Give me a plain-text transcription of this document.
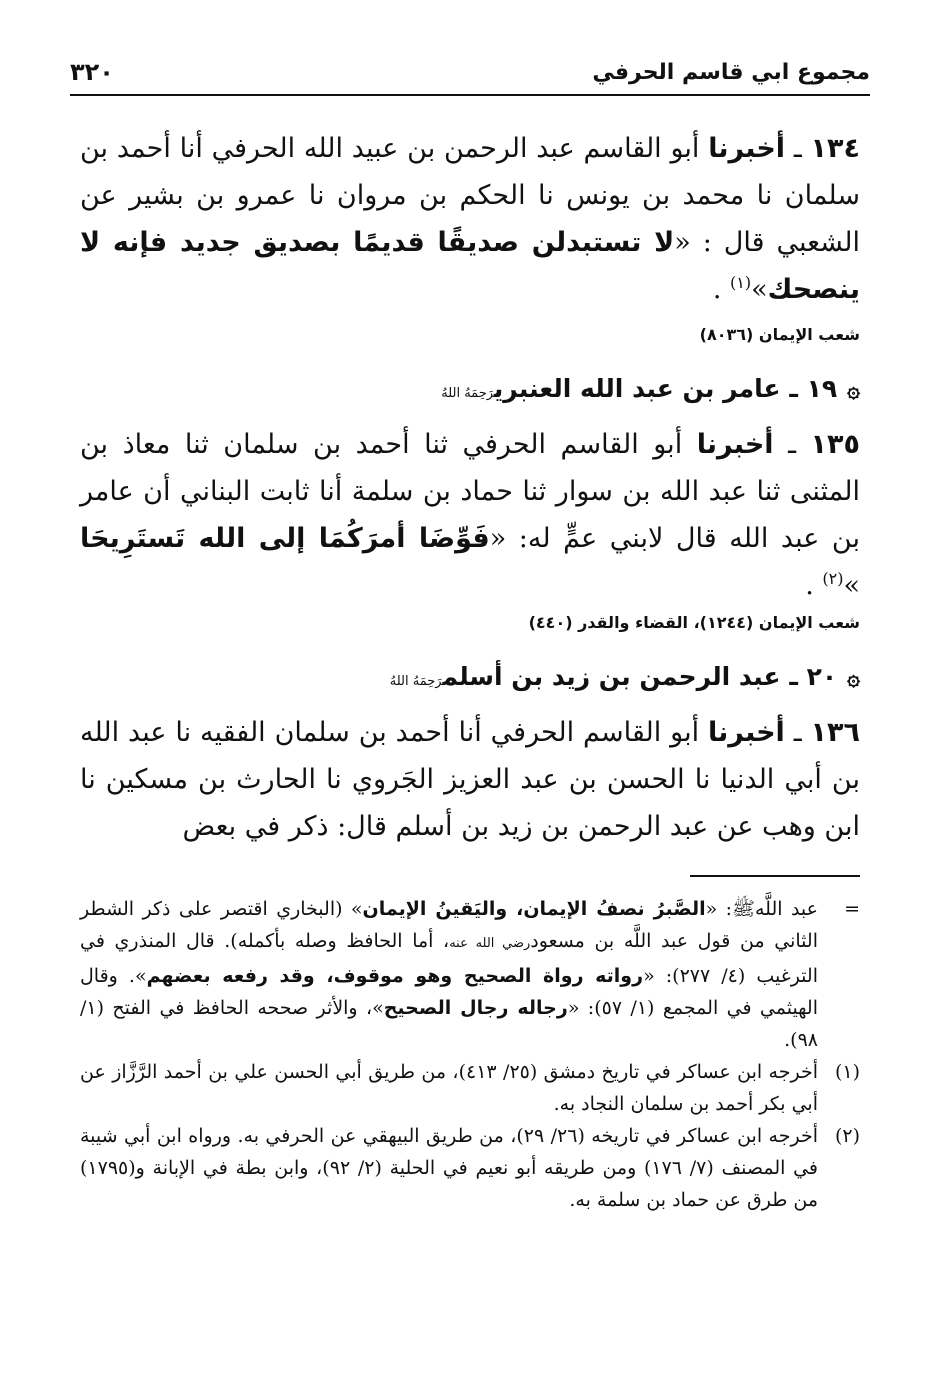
مجموع ابي قاسم الحرفي
٣٢٠

١٣٤ ـ أخبرنا أبو القاسم عبد الرحمن بن عبيد الله الحرفي أنا أحمد بن سلمان نا محمد بن يونس نا الحكم بن مروان نا عمرو بن بشير عن الشعبي قال : «لا تستبدلن صديقًا قديمًا بصديق جديد فإنه لا ينصحك»$^{(١)}$ .

شعب الإيمان (٨٠٣٦)

۞١٩ ـ عامر بن عبد الله العنبريرَحِمَهُ اللهُ

١٣٥ ـ أخبرنا أبو القاسم الحرفي ثنا أحمد بن سلمان ثنا معاذ بن المثنى ثنا عبد الله بن سوار ثنا حماد بن سلمة أنا ثابت البناني أن عامر بن عبد الله قال لابني عمٍّ له: «فَوِّضَا أمرَكُمَا إلى الله تَستَرِيحَا »$^{(٢)}$ .

شعب الإيمان (١٢٤٤)، القضاء والقدر (٤٤٠)

۞٢٠ ـ عبد الرحمن بن زيد بن أسلمرَحِمَهُ اللهُ

١٣٦ ـ أخبرنا أبو القاسم الحرفي أنا أحمد بن سلمان الفقيه نا عبد الله بن أبي الدنيا نا الحسن بن عبد العزيز الجَروي نا الحارث بن مسكين نا ابن وهب عن عبد الرحمن بن زيد بن أسلم قال: ذكر في بعض

=
عبد اللَّهﷺ: «الصَّبرُ نصفُ الإيمان، واليَقينُ الإيمان» (البخاري اقتصر على ذكر الشطر الثاني من قول عبد اللَّه بن مسعودرضي الله عنه، أما الحافظ وصله بأكمله). قال المنذري في الترغيب (٤/ ٢٧٧): «رواته رواة الصحيح وهو موقوف، وقد رفعه بعضهم». وقال الهيثمي في المجمع (١/ ٥٧): «رجاله رجال الصحيح»، والأثر صححه الحافظ في الفتح (١/ ٩٨).

(١)
أخرجه ابن عساكر في تاريخ دمشق (٢٥/ ٤١٣)، من طريق أبي الحسن علي بن أحمد الرَّزَّاز عن أبي بكر أحمد بن سلمان النجاد به.

(٢)
أخرجه ابن عساكر في تاريخه (٢٦/ ٢٩)، من طريق البيهقي عن الحرفي به. ورواه ابن أبي شيبة في المصنف (٧/ ١٧٦) ومن طريقه أبو نعيم في الحلية (٢/ ٩٢)، وابن بطة في الإبانة و(١٧٩٥) من طرق عن حماد بن سلمة به.
